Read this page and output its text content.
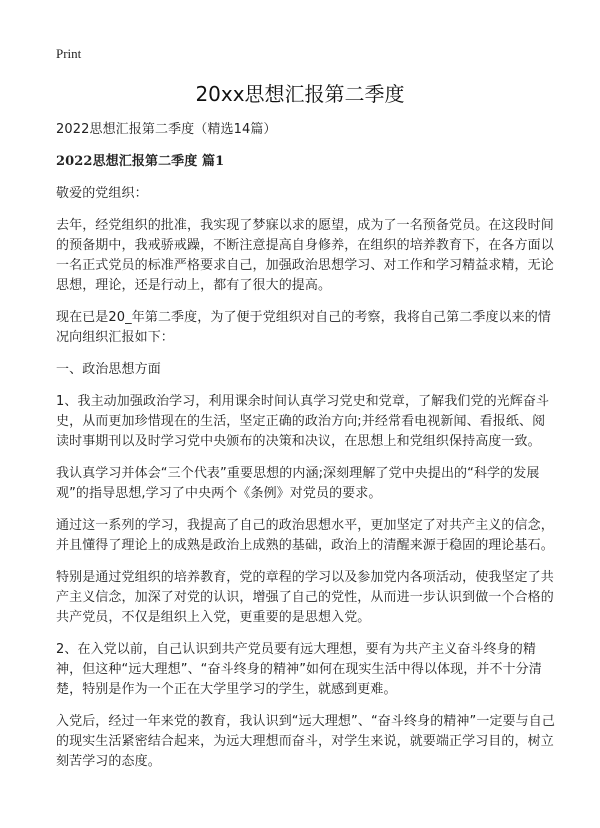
Print
20xx思想汇报第二季度

2022思想汇报第二季度（精选14篇）

2022思想汇报第二季度 篇1

敬爱的党组织：

去年，经党组织的批准，我实现了梦寐以求的愿望，成为了一名预备党员。在这段时间的预备期中，我戒骄戒躁，不断注意提高自身修养，在组织的培养教育下，在各方面以一名正式党员的标准严格要求自己，加强政治思想学习、对工作和学习精益求精，无论思想，理论，还是行动上，都有了很大的提高。

现在已是20_年第二季度，为了便于党组织对自己的考察，我将自己第二季度以来的情况向组织汇报如下：

一、政治思想方面

1、我主动加强政治学习，利用课余时间认真学习党史和党章，了解我们党的光辉奋斗史，从而更加珍惜现在的生活，坚定正确的政治方向;并经常看电视新闻、看报纸、阅读时事期刊以及时学习党中央颁布的决策和决议，在思想上和党组织保持高度一致。

我认真学习并体会“三个代表”重要思想的内涵;深刻理解了党中央提出的“科学的发展观”的指导思想,学习了中央两个《条例》对党员的要求。

通过这一系列的学习，我提高了自己的政治思想水平，更加坚定了对共产主义的信念，并且懂得了理论上的成熟是政治上成熟的基础，政治上的清醒来源于稳固的理论基石。

特别是通过党组织的培养教育，党的章程的学习以及参加党内各项活动，使我坚定了共产主义信念，加深了对党的认识，增强了自己的党性，从而进一步认识到做一个合格的共产党员，不仅是组织上入党，更重要的是思想入党。

2、在入党以前，自己认识到共产党员要有远大理想，要有为共产主义奋斗终身的精神，但这种“远大理想”、“奋斗终身的精神”如何在现实生活中得以体现，并不十分清楚，特别是作为一个正在大学里学习的学生，就感到更难。

入党后，经过一年来党的教育，我认识到“远大理想”、“奋斗终身的精神”一定要与自己的现实生活紧密结合起来，为远大理想而奋斗，对学生来说，就要端正学习目的，树立刻苦学习的态度。
